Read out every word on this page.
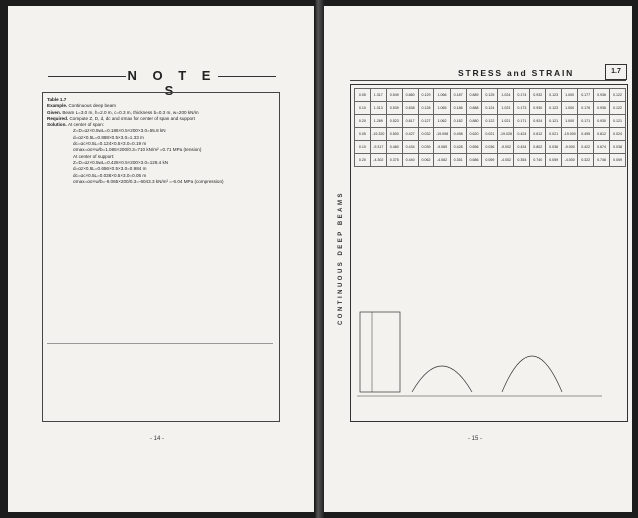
N O T E S
Table 1.7
Example. Continuous deep beam
Given. Beam L=3.0 m, h=2.0 m, c=0.3 m, thickness b=0.3 m, w=200 kN/m
Required. Compute Z, D, d, dc and σmax for center of span and support
Solution. At center of span:
Z=D=αz×0.5wL=0.186×0.5×200×3.0=55.8 kN
d=αz×0.5L=0.888×0.5×3.0=1.33 m
dc=αc×0.5L=0.124×0.5×3.0=0.19 m
σmax=ασ×w/b=1.065×200/0.3=710 kN/m² =0.71 MPa (tension)
At center of support:
Z=D=αz×0.5wL=0.428×0.5×200×3.0=128.4 kN
d=αz×0.5L=0.656×0.5×3.0=0.984 m
dc=αc×0.5L=0.036×0.5×3.0=0.05 m
σmax=ασ×w/b=-9.065×200/0.3=-6043.3 kN/m² =-6.04 MPa (compression)
- 14 -
STRESS and STRAIN	1.7
CONTINUOUS DEEP BEAMS
0.05	1.317	0.549	0.860	0.129	1.066	0.187	0.889	0.125	1.024	0.174	0.932	0.123	1.000	0.177	0.936	0.122
0.10	1.313	0.539	0.838	0.128	1.065	0.186	0.888	0.124	1.023	0.173	0.930	0.123	1.000	0.176	0.936	0.122
0.20	1.289	0.523	0.817	0.127	1.062	0.182	0.880	0.122	1.021	0.171	0.924	0.121	1.000	0.171	0.930	0.121
0.05	-19.320	0.500	0.427	0.032	-19.098	0.498	0.620	0.021	-19.026	0.424	0.812	0.021	-19.000	0.495	0.812	0.024
0.10	-9.317	0.460	0.434	0.039	-9.065	0.428	0.656	0.036	-9.002	0.434	0.802	0.036	-9.000	0.422	0.674	0.038
0.20	-4.302	0.375	0.440	0.062	-4.062	0.351	0.686	0.059	-4.002	0.354	0.740	0.059	-4.000	0.322	0.746	0.059
- 15 -
